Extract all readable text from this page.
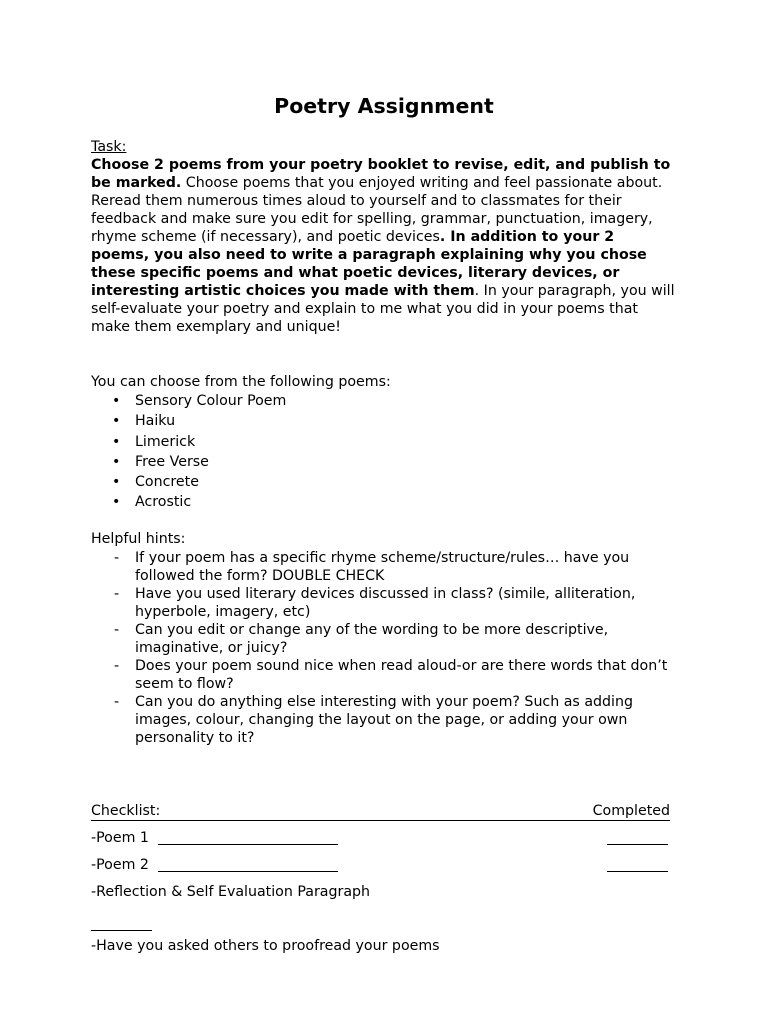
Poetry Assignment

Task:

Choose 2 poems from your poetry booklet to revise, edit, and publish to be marked. Choose poems that you enjoyed writing and feel passionate about. Reread them numerous times aloud to yourself and to classmates for their feedback and make sure you edit for spelling, grammar, punctuation, imagery, rhyme scheme (if necessary), and poetic devices. In addition to your 2 poems, you also need to write a paragraph explaining why you chose these specific poems and what poetic devices, literary devices, or interesting artistic choices you made with them. In your paragraph, you will self-evaluate your poetry and explain to me what you did in your poems that make them exemplary and unique!

You can choose from the following poems:

• Sensory Colour Poem
• Haiku
• Limerick
• Free Verse
• Concrete
• Acrostic

Helpful hints:

- If your poem has a specific rhyme scheme/structure/rules… have you followed the form? DOUBLE CHECK
- Have you used literary devices discussed in class? (simile, alliteration, hyperbole, imagery, etc)
- Can you edit or change any of the wording to be more descriptive, imaginative, or juicy?
- Does your poem sound nice when read aloud-or are there words that don’t seem to flow?
- Can you do anything else interesting with your poem? Such as adding images, colour, changing the layout on the page, or adding your own personality to it?
Checklist:	Completed
-Poem 1
-Poem 2
-Reflection & Self Evaluation Paragraph
-Have you asked others to proofread your poems
